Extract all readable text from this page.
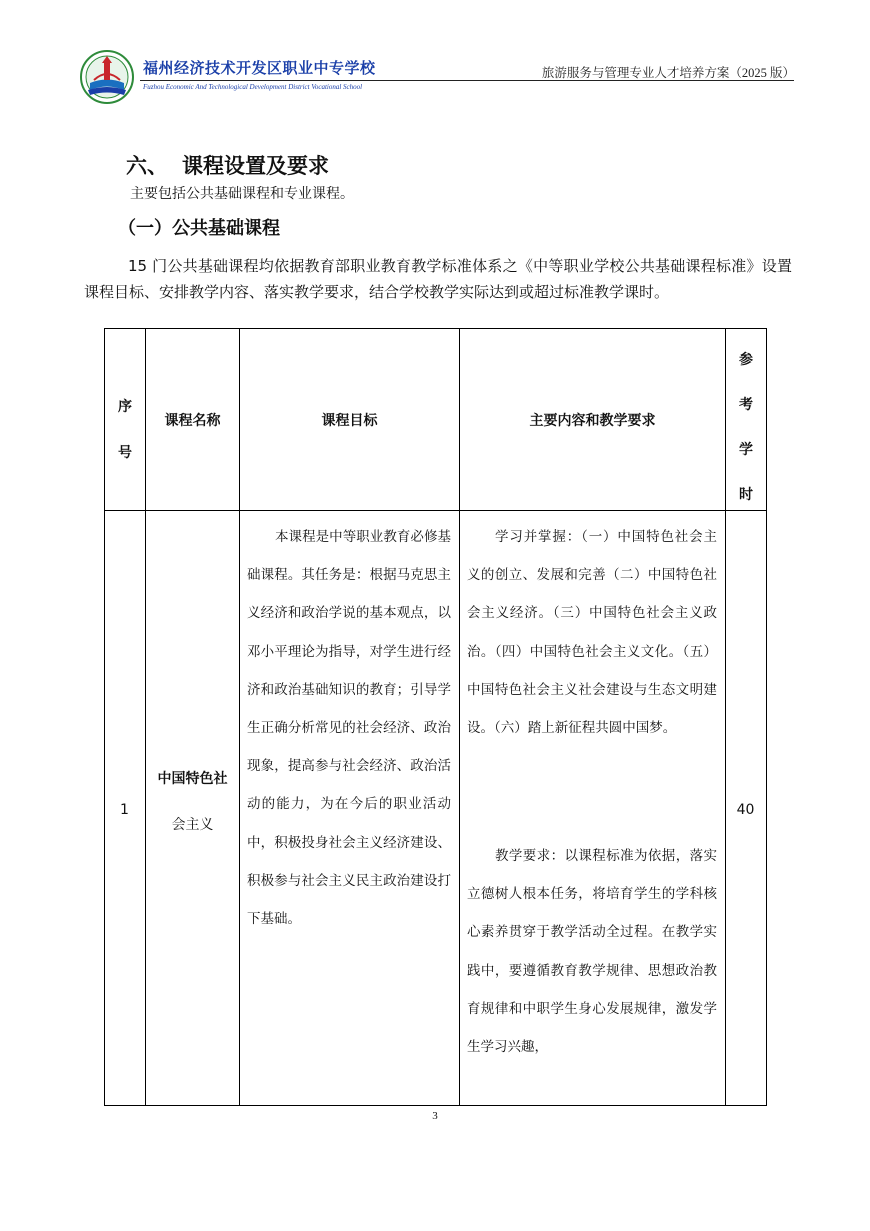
福州经济技术开发区职业中专学校
Fuzhou Economic And Technological Development District Vocational School
旅游服务与管理专业人才培养方案（2025 版）
六、 课程设置及要求
主要包括公共基础课程和专业课程。
（一）公共基础课程
15 门公共基础课程均依据教育部职业教育教学标准体系之《中等职业学校公共基础课程标准》设置课程目标、安排教学内容、落实教学要求，结合学校教学实际达到或超过标准教学课时。
序
号
课程名称	课程目标	主要内容和教学要求
参
考
学
时
1
中国特色社
会主义
本课程是中等职业教育必修基础课程。其任务是：根据马克思主义经济和政治学说的基本观点，以邓小平理论为指导，对学生进行经济和政治基础知识的教育；引导学生正确分析常见的社会经济、政治现象，提高参与社会经济、政治活动的能力，为在今后的职业活动中，积极投身社会主义经济建设、积极参与社会主义民主政治建设打下基础。
学习并掌握：（一）中国特色社会主义的创立、发展和完善（二）中国特色社会主义经济。（三）中国特色社会主义政治。（四）中国特色社会主义文化。（五）中国特色社会主义社会建设与生态文明建设。（六）踏上新征程共圆中国梦。
教学要求：以课程标准为依据，落实立德树人根本任务，将培育学生的学科核心素养贯穿于教学活动全过程。在教学实践中，要遵循教育教学规律、思想政治教育规律和中职学生身心发展规律，激发学生学习兴趣，
40
3
